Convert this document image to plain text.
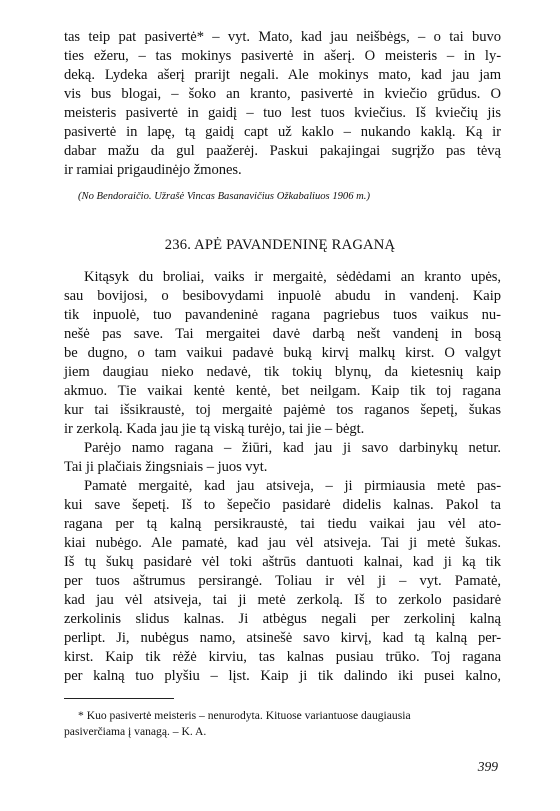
tas teip pat pasivertė* – vyt. Mato, kad jau neišbėgs, – o tai buvo
ties ežeru, – tas mokinys pasivertė in ašerį. O meisteris – in ly-
deką. Lydeka ašerį prarijt negali. Ale mokinys mato, kad jau jam
vis bus blogai, – šoko an kranto, pasivertė in kviečio grūdus. O
meisteris pasivertė in gaidį – tuo lest tuos kviečius. Iš kviečių jis
pasivertė in lapę, tą gaidį capt už kaklo – nukando kaklą. Ką ir
dabar mažu da gul paažerėj. Paskui pakajingai sugrįžo pas tėvą
ir ramiai prigaudinėjo žmones.
(No Bendoraičio. Užrašė Vincas Basanavičius Ožkabaliuos 1906 m.)
236. APĖ PAVANDENINĘ RAGANĄ
Kitąsyk du broliai, vaiks ir mergaitė, sėdėdami an kranto upės,
sau bovijosi, o besibovydami inpuolė abudu in vandenį. Kaip
tik inpuolė, tuo pavandeninė ragana pagriebus tuos vaikus nu-
nešė pas save. Tai mergaitei davė darbą nešt vandenį in bosą
be dugno, o tam vaikui padavė buką kirvį malkų kirst. O valgyt
jiem daugiau nieko nedavė, tik tokių blynų, da kietesnių kaip
akmuo. Tie vaikai kentė kentė, bet neilgam. Kaip tik toj ragana
kur tai išsikraustė, toj mergaitė pajėmė tos raganos šepetį, šukas
ir zerkolą. Kada jau jie tą viską turėjo, tai jie – bėgt.
Parėjo namo ragana – žiūri, kad jau ji savo darbinykų netur.
Tai ji plačiais žingsniais – juos vyt.
Pamatė mergaitė, kad jau atsiveja, – ji pirmiausia metė pas-
kui save šepetį. Iš to šepečio pasidarė didelis kalnas. Pakol ta
ragana per tą kalną persikraustė, tai tiedu vaikai jau vėl ato-
kiai nubėgo. Ale pamatė, kad jau vėl atsiveja. Tai ji metė šukas.
Iš tų šukų pasidarė vėl toki aštrūs dantuoti kalnai, kad ji ką tik
per tuos aštrumus persirangė. Toliau ir vėl ji – vyt. Pamatė,
kad jau vėl atsiveja, tai ji metė zerkolą. Iš to zerkolo pasidarė
zerkolinis slidus kalnas. Ji atbėgus negali per zerkolinį kalną
perlipt. Ji, nubėgus namo, atsinešė savo kirvį, kad tą kalną per-
kirst. Kaip tik rėžė kirviu, tas kalnas pusiau trūko. Toj ragana
per kalną tuo plyšiu – lįst. Kaip ji tik dalindo iki pusei kalno,
* Kuo pasivertė meisteris – nenurodyta. Kituose variantuose daugiausia
pasiverčiama į vanagą. – K. A.
399
